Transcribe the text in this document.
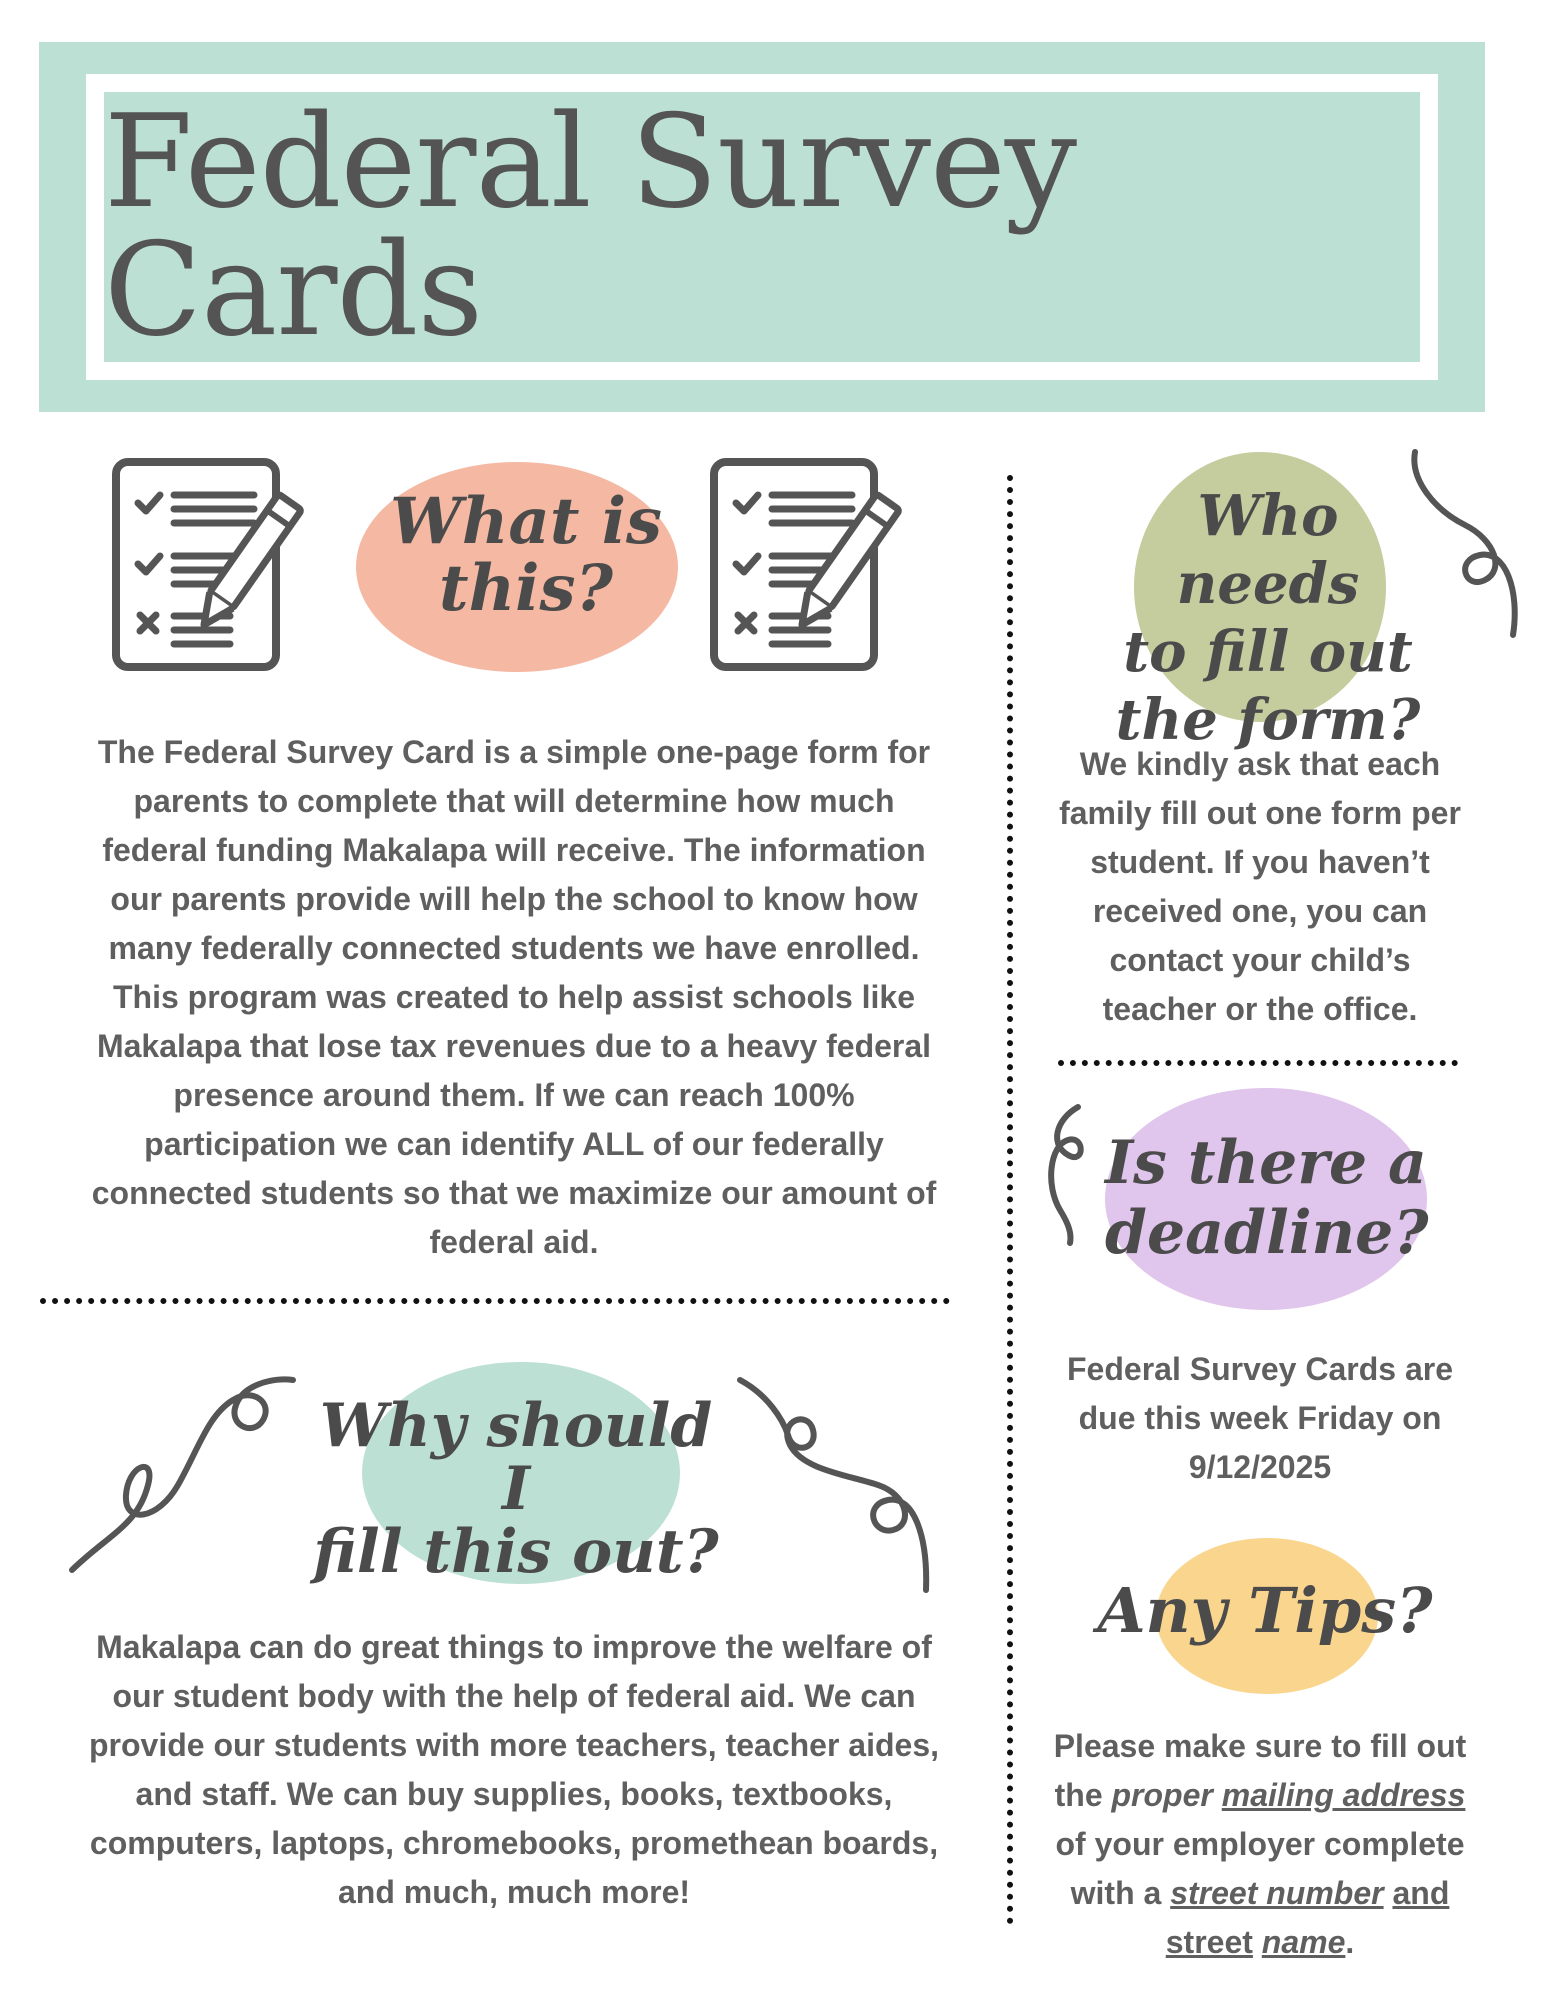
Federal Survey Cards

What is

this?

The Federal Survey Card is a simple one-page form for parents to complete that will determine how much federal funding Makalapa will receive. The information our parents provide will help the school to know how many federally connected students we have enrolled. This program was created to help assist schools like Makalapa that lose tax revenues due to a heavy federal presence around them. If we can reach 100% participation we can identify ALL of our federally connected students so that we maximize our amount of federal aid.

Why should I

fill this out?

Makalapa can do great things to improve the welfare of our student body with the help of federal aid. We can provide our students with more teachers, teacher aides, and staff. We can buy supplies, books, textbooks, computers, laptops, chromebooks, promethean boards, and much, much more!

Who needs

to fill out

the form?

We kindly ask that each family fill out one form per student. If you haven’t received one, you can contact your child’s teacher or the office.

Is there a

deadline?

Federal Survey Cards are due this week Friday on 9/12/2025

Any Tips?

Please make sure to fill out the proper mailing address of your employer complete with a street number and street name.
